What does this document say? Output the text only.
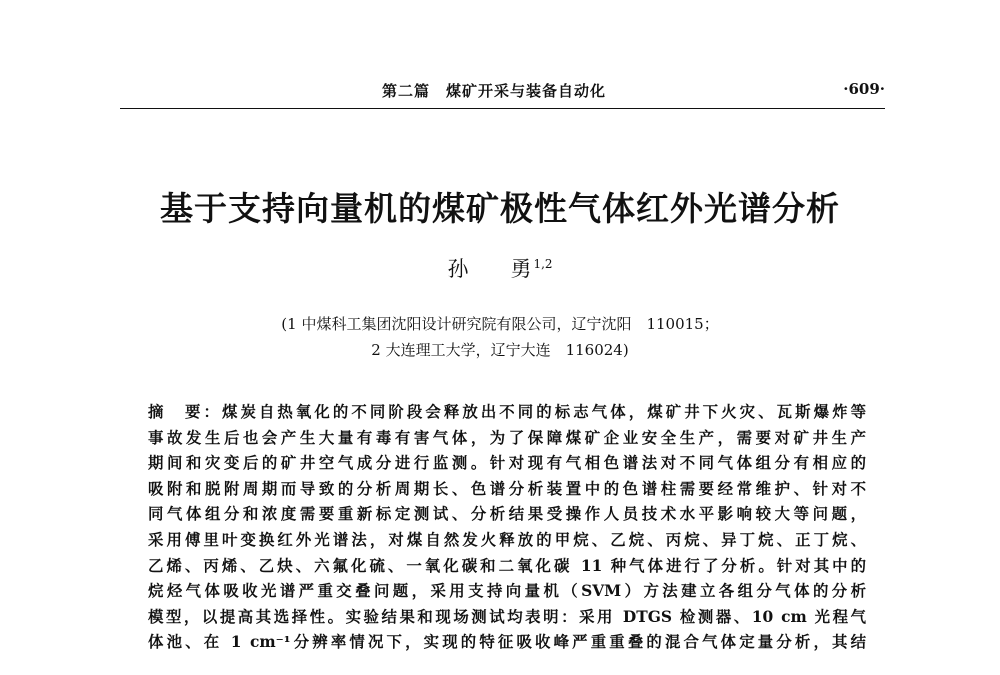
第二篇　煤矿开采与装备自动化	·609·
基于支持向量机的煤矿极性气体红外光谱分析
孙　　勇 $^{1,2}$
(1 中煤科工集团沈阳设计研究院有限公司，辽宁沈阳　110015；
2 大连理工大学，辽宁大连　116024)
摘　要：煤炭自热氧化的不同阶段会释放出不同的标志气体，煤矿井下火灾、瓦斯爆炸等
事故发生后也会产生大量有毒有害气体，为了保障煤矿企业安全生产，需要对矿井生产
期间和灾变后的矿井空气成分进行监测。针对现有气相色谱法对不同气体组分有相应的
吸附和脱附周期而导致的分析周期长、色谱分析装置中的色谱柱需要经常维护、针对不
同气体组分和浓度需要重新标定测试、分析结果受操作人员技术水平影响较大等问题，
采用傅里叶变换红外光谱法，对煤自然发火释放的甲烷、乙烷、丙烷、异丁烷、正丁烷、
乙烯、丙烯、乙炔、六氟化硫、一氧化碳和二氧化碳 11 种气体进行了分析。针对其中的
烷烃气体吸收光谱严重交叠问题，采用支持向量机（SVM）方法建立各组分气体的分析
模型，以提高其选择性。实验结果和现场测试均表明：采用 DTGS 检测器、10 cm 光程气
体池、在 1 cm⁻¹分辨率情况下，实现的特征吸收峰严重重叠的混合气体定量分析，其结
